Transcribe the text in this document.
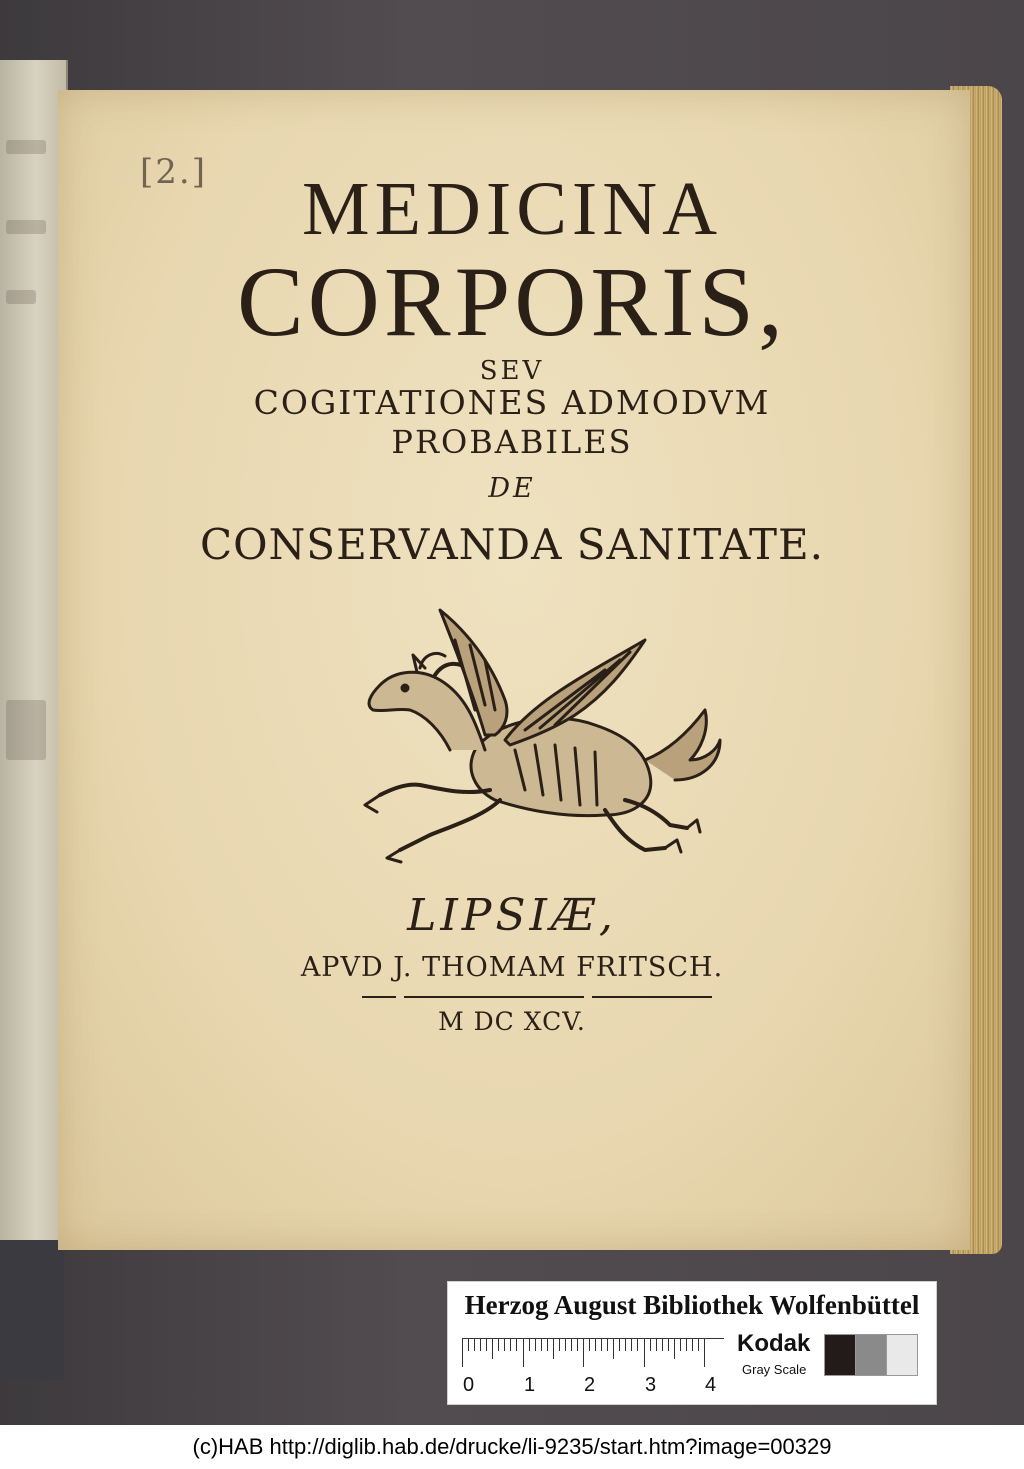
[2.]	MEDICINA
CORPORIS,
SEV
COGITATIONES ADMODVM
PROBABILES
DE
CONSERVANDA SANITATE.
LIPSIÆ,
APVD J. THOMAM FRITSCH.
M DC XCV.
Herzog August Bibliothek Wolfenbüttel
0 1 2 3 4
Kodak
Gray Scale
(c)HAB http://diglib.hab.de/drucke/li-9235/start.htm?image=00329
